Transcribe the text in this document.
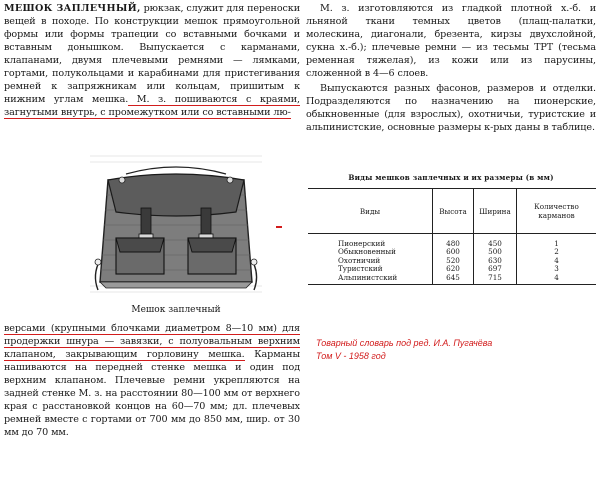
МЕШОК ЗАПЛЕЧНЫЙ, рюкзак, служит для переноски вещей в походе. По конструкции мешок прямоугольной формы или формы трапеции со вставными бочками и вставным донышком. Выпускается с карманами, клапанами, двумя плечевыми ремнями — лямками, гортами, полукольцами и карабинами для пристегивания ремней к запряжникам или кольцам, пришитым к нижним углам мешка. М. з. пошиваются с краями, загнутыми внутрь, с промежутком или со вставными лю-

Мешок заплечный

версами (крупными блочками диаметром 8—10 мм) для продержки шнура — завязки, с полуовальным верхним клапаном, закрывающим горловину мешка. Карманы нашиваются на передней стенке мешка и один под верхним клапаном. Плечевые ремни укрепляются на задней стенке М. з. на расстоянии 80—100 мм от верхнего края с расстановкой концов на 60—70 мм; дл. плечевых ремней вместе с гортами от 700 мм до 850 мм, шир. от 30 мм до 70 мм.

М. з. изготовляются из гладкой плотной х.-б. и льняной ткани темных цветов (плащ-палатки, молескина, диагонали, брезента, кирзы двухслойной, сукна х.-б.); плечевые ремни — из тесьмы ТРТ (тесьма ременная тяжелая), из кожи или из парусины, сложенной в 4—6 слоев.

Выпускаются разных фасонов, размеров и отделки. Подразделяются по назначению на пионерские, обыкновенные (для взрослых), охотничьи, туристские и альпинистские, основные размеры к-рых даны в таблице.

Виды мешков заплечных и их размеры (в мм)
Виды	Высота	Ширина	Количество карманов
Пионерский	480	450	1
Обыкновенный	600	500	2
Охотничий	520	630	4
Туристский	620	697	3
Альпинистский	645	715	4
Товарный словарь под ред. И.А. Пугачёва
Том V - 1958 год
